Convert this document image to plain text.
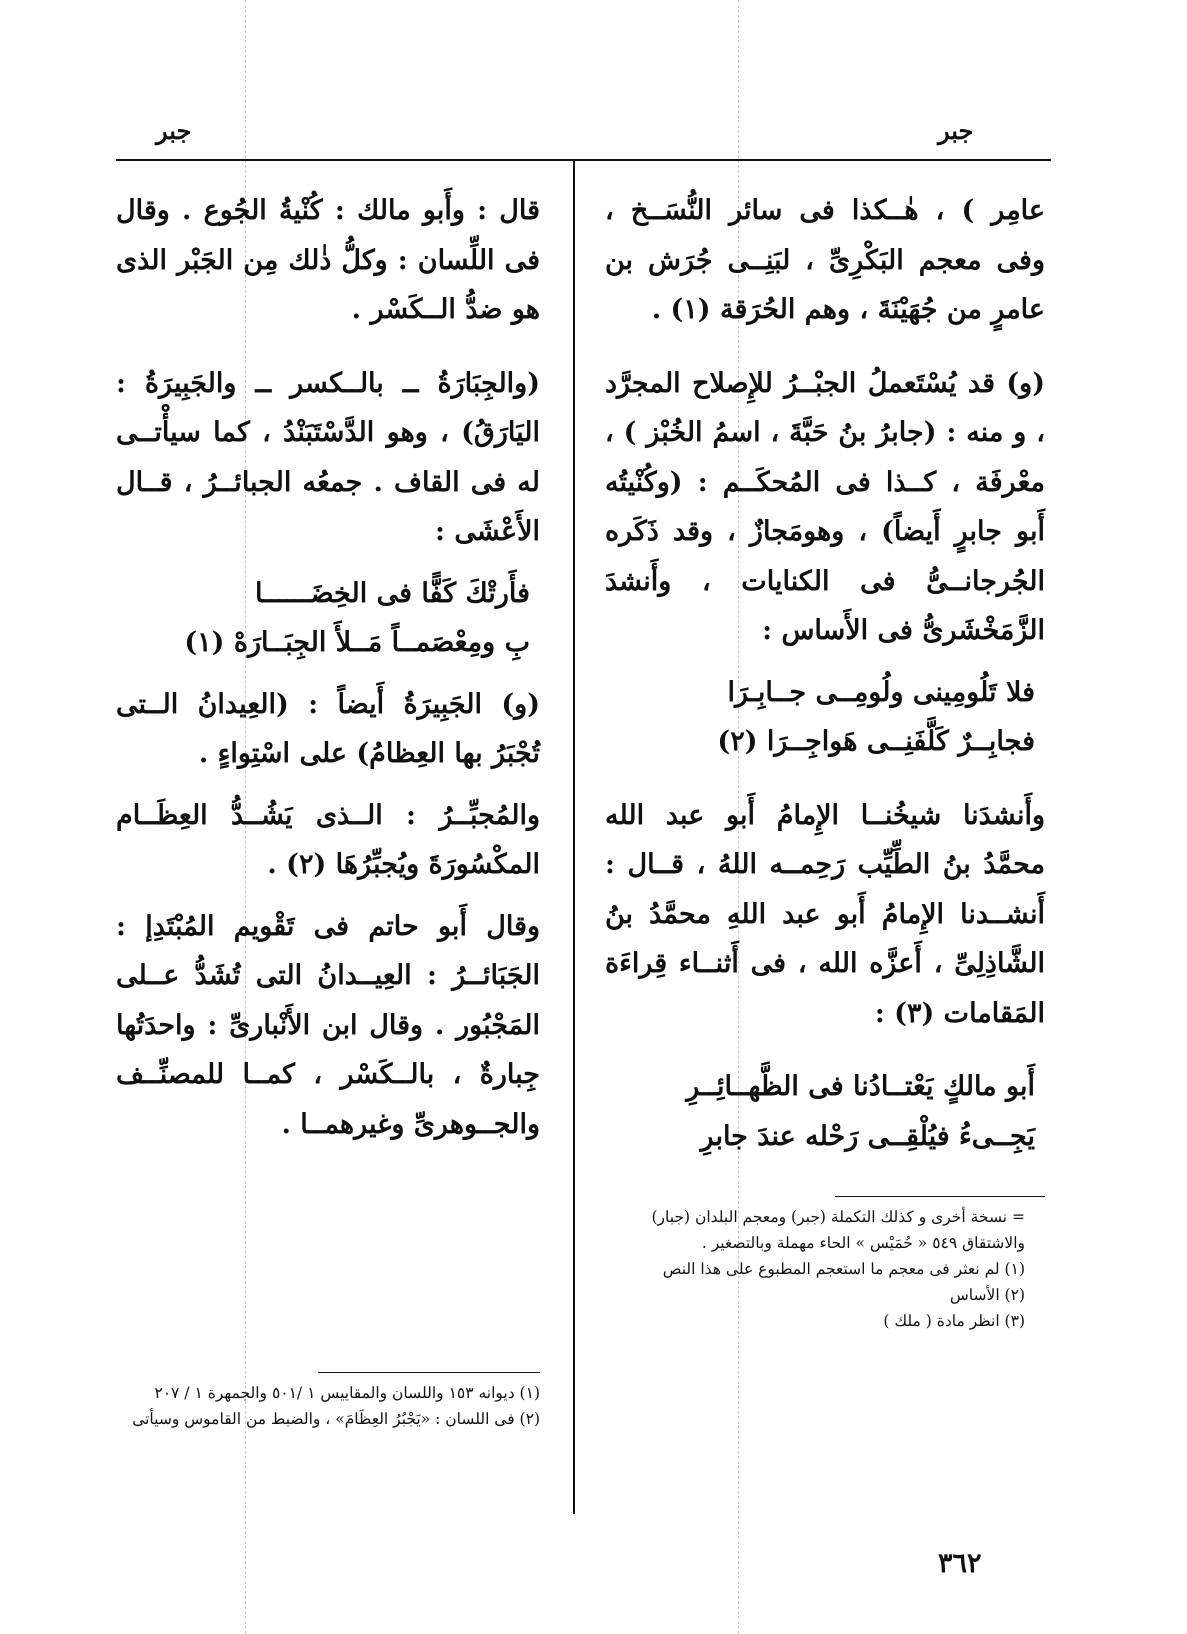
جبر
جبر

عامِر ) ، هٰــكذا فى سائر النُّسَــخ ، وفى معجم البَكْرِىِّ ، لبَنِــى جُرَش بن عامرٍ من جُهَيْنَةَ ، وهم الحُرَقة (١) .

(و) قد يُسْتَعملُ الجبْــرُ للإِصلاح المجرَّد ، و منه : (جابرُ بنُ حَبَّةَ ، اسمُ الخُبْز ) ، معْرفَة ، كــذا فى المُحكَــم : (وكُنْيتُه أَبو جابرٍ أَيضاً) ، وهومَجازٌ ، وقد ذَكَره الجُرجانــىُّ فى الكنايات ، وأَنشدَ الزَّمَخْشَرىُّ فى الأَساس :

فلا تَلُومِينى ولُومِــى جــابِـرَا

فجابِــرٌ كَلَّفَنِــى هَواجِــرَا (٢)

وأَنشدَنا شيخُنــا الإِمامُ أَبو عبد الله محمَّدُ بنُ الطِّيِّب رَحِمــه اللهُ ، قــال : أَنشــدنا الإِمامُ أَبو عبد اللهِ محمَّدُ بنُ الشَّاذِلِىِّ ، أَعزَّه الله ، فى أَثنــاء قِراءَة المَقامات (٣) :

أَبو مالكٍ يَعْتــادُنا فى الظَّهــائِــرِ

يَجِــىءُ فيُلْقِــى رَحْله عندَ جابرِ

= نسخة أخرى و كذلك التكملة (جبر) ومعجم البلدان (جبار) والاشتقاق ٥٤٩ « حُمَيْس » الحاء مهملة وبالتصغير .

(١) لم نعثر فى معجم ما استعجم المطبوع على هذا النص

(٢) الأساس

(٣) انظر مادة ( ملك )

قال : وأَبو مالك : كُنْيةُ الجُوع . وقال فى اللِّسان : وكلُّ ذٰلك مِن الجَبْر الذى هو ضدُّ الــكَسْر .

(والجِبَارَةُ ــ بالــكسر ــ والجَبِيرَةُ : اليَارَقُ) ، وهو الدَّسْتَبَنْدُ ، كما سيأْتــى له فى القاف . جمعُه الجبائــرُ ، قــال الأَعْشَى :

فأَرتْكَ كَفًّا فى الخِضَــــــا

بِ ومِعْصَمــاً مَــلأَ الجِبَــارَهْ (١)

(و) الجَبِيرَةُ أَيضاً : (العِيدانُ الــتى تُجْبَرُ بها العِظامُ) على اسْتِواءٍ .

والمُجبِّــرُ : الــذى يَشُــدُّ العِظَــام المكْسُورَةَ ويُجبِّرُهَا (٢) .

وقال أَبو حاتم فى تَقْويم المُبْتَدِإ : الجَبَائــرُ : العِيــدانُ التى تُشَدُّ عــلى المَجْبُور . وقال ابن الأَنْبارىِّ : واحدَتُها جِبارةٌ ، بالــكَسْر ، كمــا للمصنِّــف والجــوهرىِّ وغيرهمــا .

(١) ديوانه ١٥٣ واللسان والمقاييس ١ /٥٠١ والجمهرة ١ / ٢٠٧

(٢) فى اللسان : «يَجْبُرُ العِظَامَ» ، والضبط من القاموس وسيأتى

٣٦٢
